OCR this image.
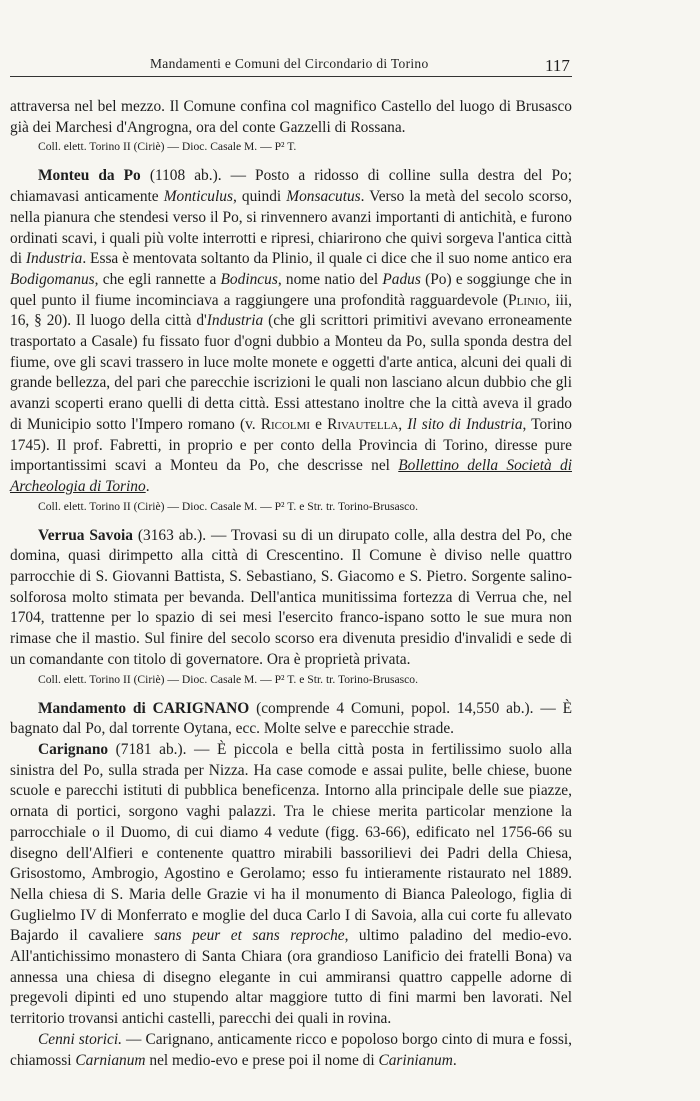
Mandamenti e Comuni del Circondario di Torino	117

attraversa nel bel mezzo. Il Comune confina col magnifico Castello del luogo di Brusasco già dei Marchesi d'Angrogna, ora del conte Gazzelli di Rossana.

Coll. elett. Torino II (Ciriè) — Dioc. Casale M. — P² T.

Monteu da Po (1108 ab.). — Posto a ridosso di colline sulla destra del Po; chiamavasi anticamente Monticulus, quindi Monsacutus. Verso la metà del secolo scorso, nella pianura che stendesi verso il Po, si rinvennero avanzi importanti di antichità, e furono ordinati scavi, i quali più volte interrotti e ripresi, chiarirono che quivi sorgeva l'antica città di Industria. Essa è mentovata soltanto da Plinio, il quale ci dice che il suo nome antico era Bodigomanus, che egli rannette a Bodincus, nome natio del Padus (Po) e soggiunge che in quel punto il fiume incominciava a raggiungere una profondità ragguardevole (Plinio, iii, 16, § 20). Il luogo della città d'Industria (che gli scrittori primitivi avevano erroneamente trasportato a Casale) fu fissato fuor d'ogni dubbio a Monteu da Po, sulla sponda destra del fiume, ove gli scavi trassero in luce molte monete e oggetti d'arte antica, alcuni dei quali di grande bellezza, del pari che parecchie iscrizioni le quali non lasciano alcun dubbio che gli avanzi scoperti erano quelli di detta città. Essi attestano inoltre che la città aveva il grado di Municipio sotto l'Impero romano (v. Ricolmi e Rivautella, Il sito di Industria, Torino 1745). Il prof. Fabretti, in proprio e per conto della Provincia di Torino, diresse pure importantissimi scavi a Monteu da Po, che descrisse nel Bollettino della Società di Archeologia di Torino.

Coll. elett. Torino II (Ciriè) — Dioc. Casale M. — P² T. e Str. tr. Torino-Brusasco.

Verrua Savoia (3163 ab.). — Trovasi su di un dirupato colle, alla destra del Po, che domina, quasi dirimpetto alla città di Crescentino. Il Comune è diviso nelle quattro parrocchie di S. Giovanni Battista, S. Sebastiano, S. Giacomo e S. Pietro. Sorgente salino-solforosa molto stimata per bevanda. Dell'antica munitissima fortezza di Verrua che, nel 1704, trattenne per lo spazio di sei mesi l'esercito franco-ispano sotto le sue mura non rimase che il mastio. Sul finire del secolo scorso era divenuta presidio d'invalidi e sede di un comandante con titolo di governatore. Ora è proprietà privata.

Coll. elett. Torino II (Ciriè) — Dioc. Casale M. — P² T. e Str. tr. Torino-Brusasco.

Mandamento di CARIGNANO (comprende 4 Comuni, popol. 14,550 ab.). — È bagnato dal Po, dal torrente Oytana, ecc. Molte selve e parecchie strade.

Carignano (7181 ab.). — È piccola e bella città posta in fertilissimo suolo alla sinistra del Po, sulla strada per Nizza. Ha case comode e assai pulite, belle chiese, buone scuole e parecchi istituti di pubblica beneficenza. Intorno alla principale delle sue piazze, ornata di portici, sorgono vaghi palazzi. Tra le chiese merita particolar menzione la parrocchiale o il Duomo, di cui diamo 4 vedute (figg. 63-66), edificato nel 1756-66 su disegno dell'Alfieri e contenente quattro mirabili bassorilievi dei Padri della Chiesa, Grisostomo, Ambrogio, Agostino e Gerolamo; esso fu intieramente ristaurato nel 1889. Nella chiesa di S. Maria delle Grazie vi ha il monumento di Bianca Paleologo, figlia di Guglielmo IV di Monferrato e moglie del duca Carlo I di Savoia, alla cui corte fu allevato Bajardo il cavaliere sans peur et sans reproche, ultimo paladino del medio-evo. All'antichissimo monastero di Santa Chiara (ora grandioso Lanificio dei fratelli Bona) va annessa una chiesa di disegno elegante in cui ammiransi quattro cappelle adorne di pregevoli dipinti ed uno stupendo altar maggiore tutto di fini marmi ben lavorati. Nel territorio trovansi antichi castelli, parecchi dei quali in rovina.

Cenni storici. — Carignano, anticamente ricco e popoloso borgo cinto di mura e fossi, chiamossi Carnianum nel medio-evo e prese poi il nome di Carinianum.
